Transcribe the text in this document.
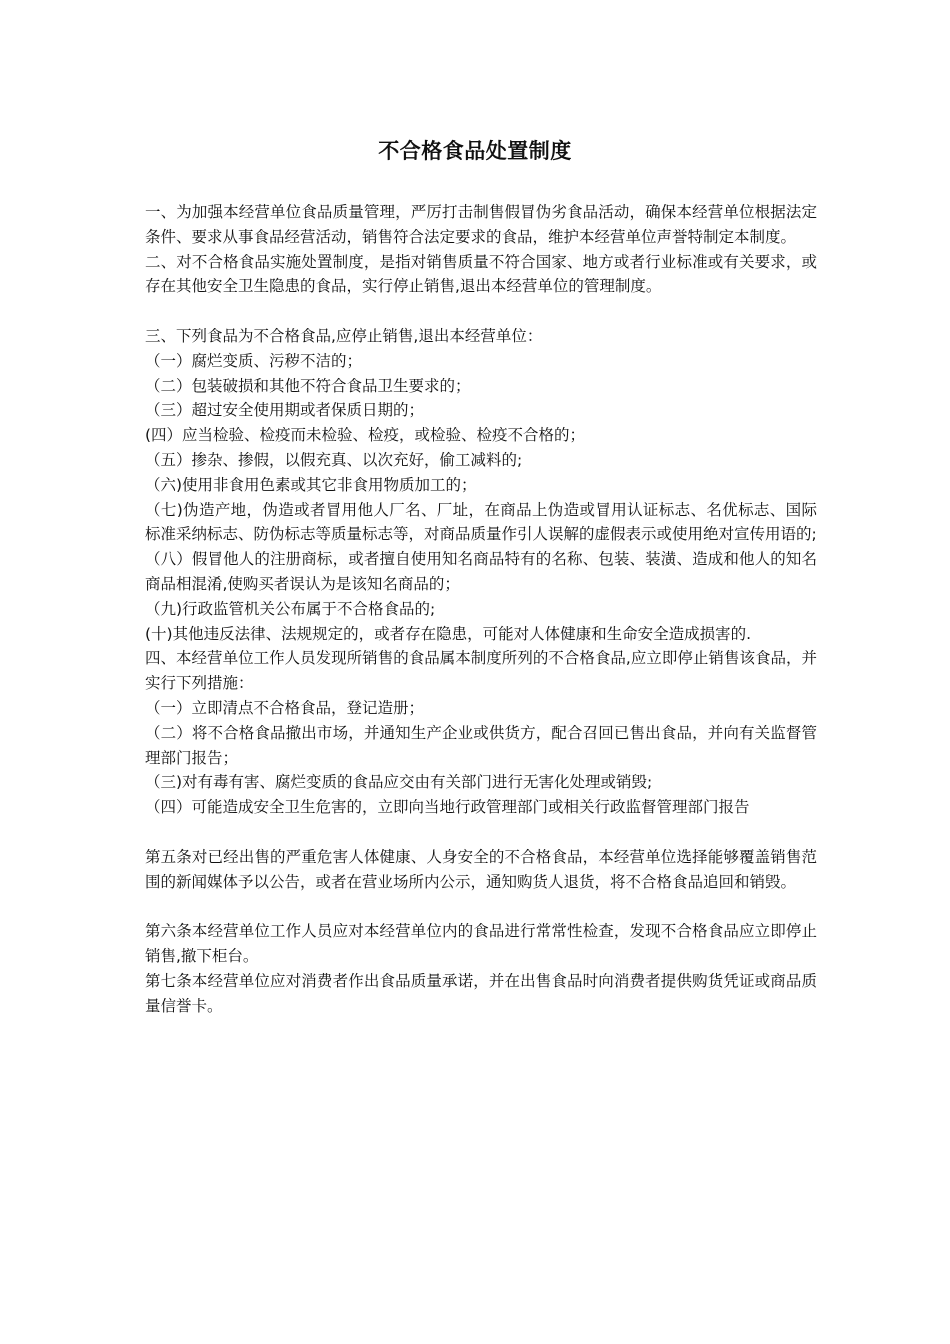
不合格食品处置制度

一、为加强本经营单位食品质量管理，严厉打击制售假冒伪劣食品活动，确保本经营单位根据法定条件、要求从事食品经营活动，销售符合法定要求的食品，维护本经营单位声誉特制定本制度。

二、对不合格食品实施处置制度，是指对销售质量不符合国家、地方或者行业标准或有关要求，或存在其他安全卫生隐患的食品，实行停止销售,退出本经营单位的管理制度。

三、下列食品为不合格食品,应停止销售,退出本经营单位：

（一）腐烂变质、污秽不洁的；

（二）包装破损和其他不符合食品卫生要求的；

（三）超过安全使用期或者保质日期的；

(四）应当检验、检疫而未检验、检疫，或检验、检疫不合格的；

（五）掺杂、掺假，以假充真、以次充好，偷工减料的;

（六)使用非食用色素或其它非食用物质加工的；

（七)伪造产地，伪造或者冒用他人厂名、厂址，在商品上伪造或冒用认证标志、名优标志、国际标准采纳标志、防伪标志等质量标志等，对商品质量作引人误解的虚假表示或使用绝对宣传用语的;

（八）假冒他人的注册商标，或者擅自使用知名商品特有的名称、包装、装潢、造成和他人的知名商品相混淆,使购买者误认为是该知名商品的；

（九)行政监管机关公布属于不合格食品的;

(十)其他违反法律、法规规定的，或者存在隐患，可能对人体健康和生命安全造成损害的.

四、本经营单位工作人员发现所销售的食品属本制度所列的不合格食品,应立即停止销售该食品，并实行下列措施：

（一）立即清点不合格食品，登记造册；

（二）将不合格食品撤出市场，并通知生产企业或供货方，配合召回已售出食品，并向有关监督管理部门报告；

（三)对有毒有害、腐烂变质的食品应交由有关部门进行无害化处理或销毁;

（四）可能造成安全卫生危害的，立即向当地行政管理部门或相关行政监督管理部门报告

第五条对已经出售的严重危害人体健康、人身安全的不合格食品，本经营单位选择能够覆盖销售范围的新闻媒体予以公告，或者在营业场所内公示，通知购货人退货，将不合格食品追回和销毁。

第六条本经营单位工作人员应对本经营单位内的食品进行常常性检查，发现不合格食品应立即停止销售,撤下柜台。

第七条本经营单位应对消费者作出食品质量承诺，并在出售食品时向消费者提供购货凭证或商品质量信誉卡。
